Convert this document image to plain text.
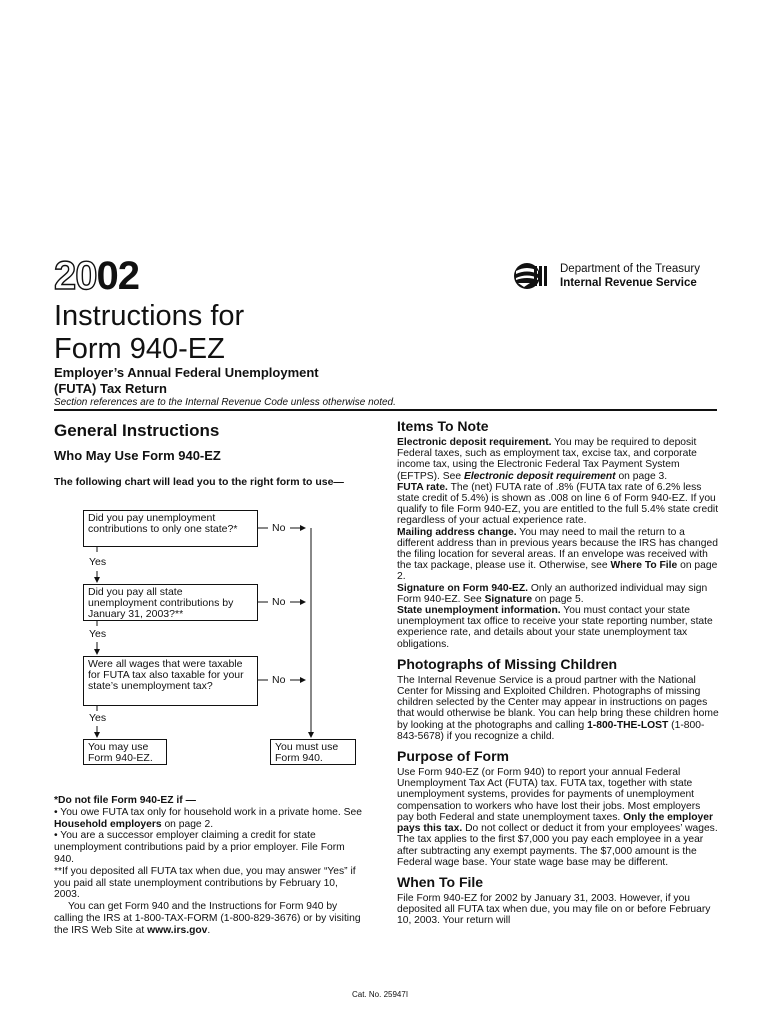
2002	Department of the Treasury
Internal Revenue Service
Instructions for
Form 940-EZ
Employer’s Annual Federal Unemployment
(FUTA) Tax Return
Section references are to the Internal Revenue Code unless otherwise noted.
General Instructions
Who May Use Form 940-EZ
The following chart will lead you to the right form to use—
Did you pay unemployment contributions to only one state?*	No
Yes
Did you pay all state unemployment contributions by January 31, 2003?**
No
Yes
Were all wages that were taxable for FUTA tax also taxable for your state’s unemployment tax?	No
Yes
You may use Form 940-EZ.
You must use Form 940.

*Do not file Form 940-EZ if —

• You owe FUTA tax only for household work in a private home. See Household employers on page 2.

• You are a successor employer claiming a credit for state unemployment contributions paid by a prior employer. File Form 940.

**If you deposited all FUTA tax when due, you may answer “Yes” if you paid all state unemployment contributions by February 10, 2003.

You can get Form 940 and the Instructions for Form 940 by calling the IRS at 1-800-TAX-FORM (1-800-829-3676) or by visiting the IRS Web Site at www.irs.gov.

Items To Note

Electronic deposit requirement. You may be required to deposit Federal taxes, such as employment tax, excise tax, and corporate income tax, using the Electronic Federal Tax Payment System (EFTPS). See Electronic deposit requirement on page 3.

FUTA rate. The (net) FUTA rate of .8% (FUTA tax rate of 6.2% less state credit of 5.4%) is shown as .008 on line 6 of Form 940-EZ. If you qualify to file Form 940-EZ, you are entitled to the full 5.4% state credit regardless of your actual experience rate.

Mailing address change. You may need to mail the return to a different address than in previous years because the IRS has changed the filing location for several areas. If an envelope was received with the tax package, please use it. Otherwise, see Where To File on page 2.

Signature on Form 940-EZ. Only an authorized individual may sign Form 940-EZ. See Signature on page 5.

State unemployment information. You must contact your state unemployment tax office to receive your state reporting number, state experience rate, and details about your state unemployment tax obligations.

Photographs of Missing Children

The Internal Revenue Service is a proud partner with the National Center for Missing and Exploited Children. Photographs of missing children selected by the Center may appear in instructions on pages that would otherwise be blank. You can help bring these children home by looking at the photographs and calling 1-800-THE-LOST (1-800-843-5678) if you recognize a child.

Purpose of Form

Use Form 940-EZ (or Form 940) to report your annual Federal Unemployment Tax Act (FUTA) tax. FUTA tax, together with state unemployment systems, provides for payments of unemployment compensation to workers who have lost their jobs. Most employers pay both Federal and state unemployment taxes. Only the employer pays this tax. Do not collect or deduct it from your employees’ wages. The tax applies to the first $7,000 you pay each employee in a year after subtracting any exempt payments. The $7,000 amount is the Federal wage base. Your state wage base may be different.

When To File

File Form 940-EZ for 2002 by January 31, 2003. However, if you deposited all FUTA tax when due, you may file on or before February 10, 2003. Your return will

Cat. No. 25947I
